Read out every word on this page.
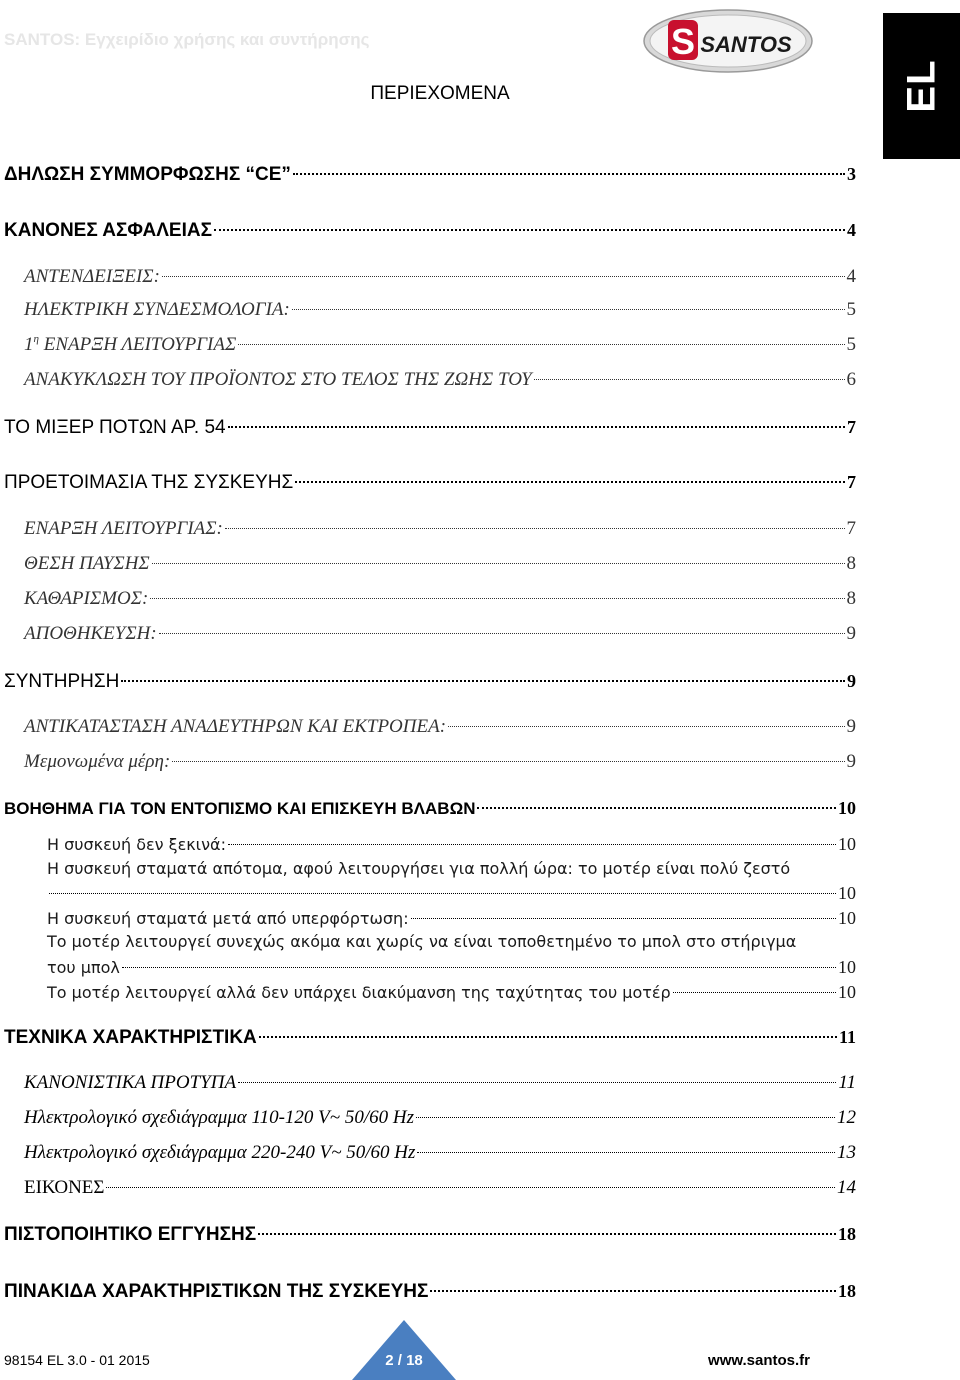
SANTOS: Εγχειρίδιο χρήσης και συντήρησης	S SANTOS
EL
ΠΕΡΙΕΧΟΜΕΝΑ
ΔΗΛΩΣΗ ΣΥΜΜΟΡΦΩΣΗΣ “CE”	3
ΚΑΝΟΝΕΣ ΑΣΦΑΛΕΙΑΣ	4
ΑΝΤΕΝΔΕΙΞΕΙΣ:	4
ΗΛΕΚΤΡΙΚΗ ΣΥΝΔΕΣΜΟΛΟΓΙΑ:	5
$1^\eta$ ΕΝΑΡΞΗ ΛΕΙΤΟΥΡΓΙΑΣ	5
ΑΝΑΚΥΚΛΩΣΗ ΤΟΥ ΠΡΟΪΟΝΤΟΣ ΣΤΟ ΤΕΛΟΣ ΤΗΣ ΖΩΗΣ ΤΟΥ	6
ΤΟ ΜΙΞΕΡ ΠΟΤΩΝ ΑΡ. 54	7
ΠΡΟΕΤΟΙΜΑΣΙΑ ΤΗΣ ΣΥΣΚΕΥΗΣ	7
ΕΝΑΡΞΗ ΛΕΙΤΟΥΡΓΙΑΣ:	7
ΘΕΣΗ ΠΑΥΣΗΣ	8
ΚΑΘΑΡΙΣΜΟΣ:	8
ΑΠΟΘΗΚΕΥΣΗ:	9
ΣΥΝΤΗΡΗΣΗ	9
ΑΝΤΙΚΑΤΑΣΤΑΣΗ ΑΝΑΔΕΥΤΗΡΩΝ ΚΑΙ ΕΚΤΡΟΠΕΑ:	9
Μεμονωμένα μέρη:	9
ΒΟΗΘΗΜΑ ΓΙΑ ΤΟΝ ΕΝΤΟΠΙΣΜΟ ΚΑΙ ΕΠΙΣΚΕΥΗ ΒΛΑΒΩΝ	10
Η συσκευή δεν ξεκινά:	10
Η συσκευή σταματά απότομα, αφού λειτουργήσει για πολλή ώρα: το μοτέρ είναι πολύ ζεστό
10
Η συσκευή σταματά μετά από υπερφόρτωση:	10
Το μοτέρ λειτουργεί συνεχώς ακόμα και χωρίς να είναι τοποθετημένο το μπολ στο στήριγμα
του μπολ	10
Το μοτέρ λειτουργεί αλλά δεν υπάρχει διακύμανση της ταχύτητας του μοτέρ	10
ΤΕΧΝΙΚΑ ΧΑΡΑΚΤΗΡΙΣΤΙΚΑ	11
ΚΑΝΟΝΙΣΤΙΚΑ ΠΡΟΤΥΠΑ	11
Ηλεκτρολογικό σχεδιάγραμμα 110-120 V~ 50/60 Hz	12
Ηλεκτρολογικό σχεδιάγραμμα 220-240 V~ 50/60 Hz	13
ΕΙΚΟΝΕΣ	14
ΠΙΣΤΟΠΟΙΗΤΙΚΟ ΕΓΓΥΗΣΗΣ	18
ΠΙΝΑΚΙΔΑ ΧΑΡΑΚΤΗΡΙΣΤΙΚΩΝ ΤΗΣ ΣΥΣΚΕΥΗΣ	18
98154 EL 3.0 - 01 2015	2 / 18	www.santos.fr
